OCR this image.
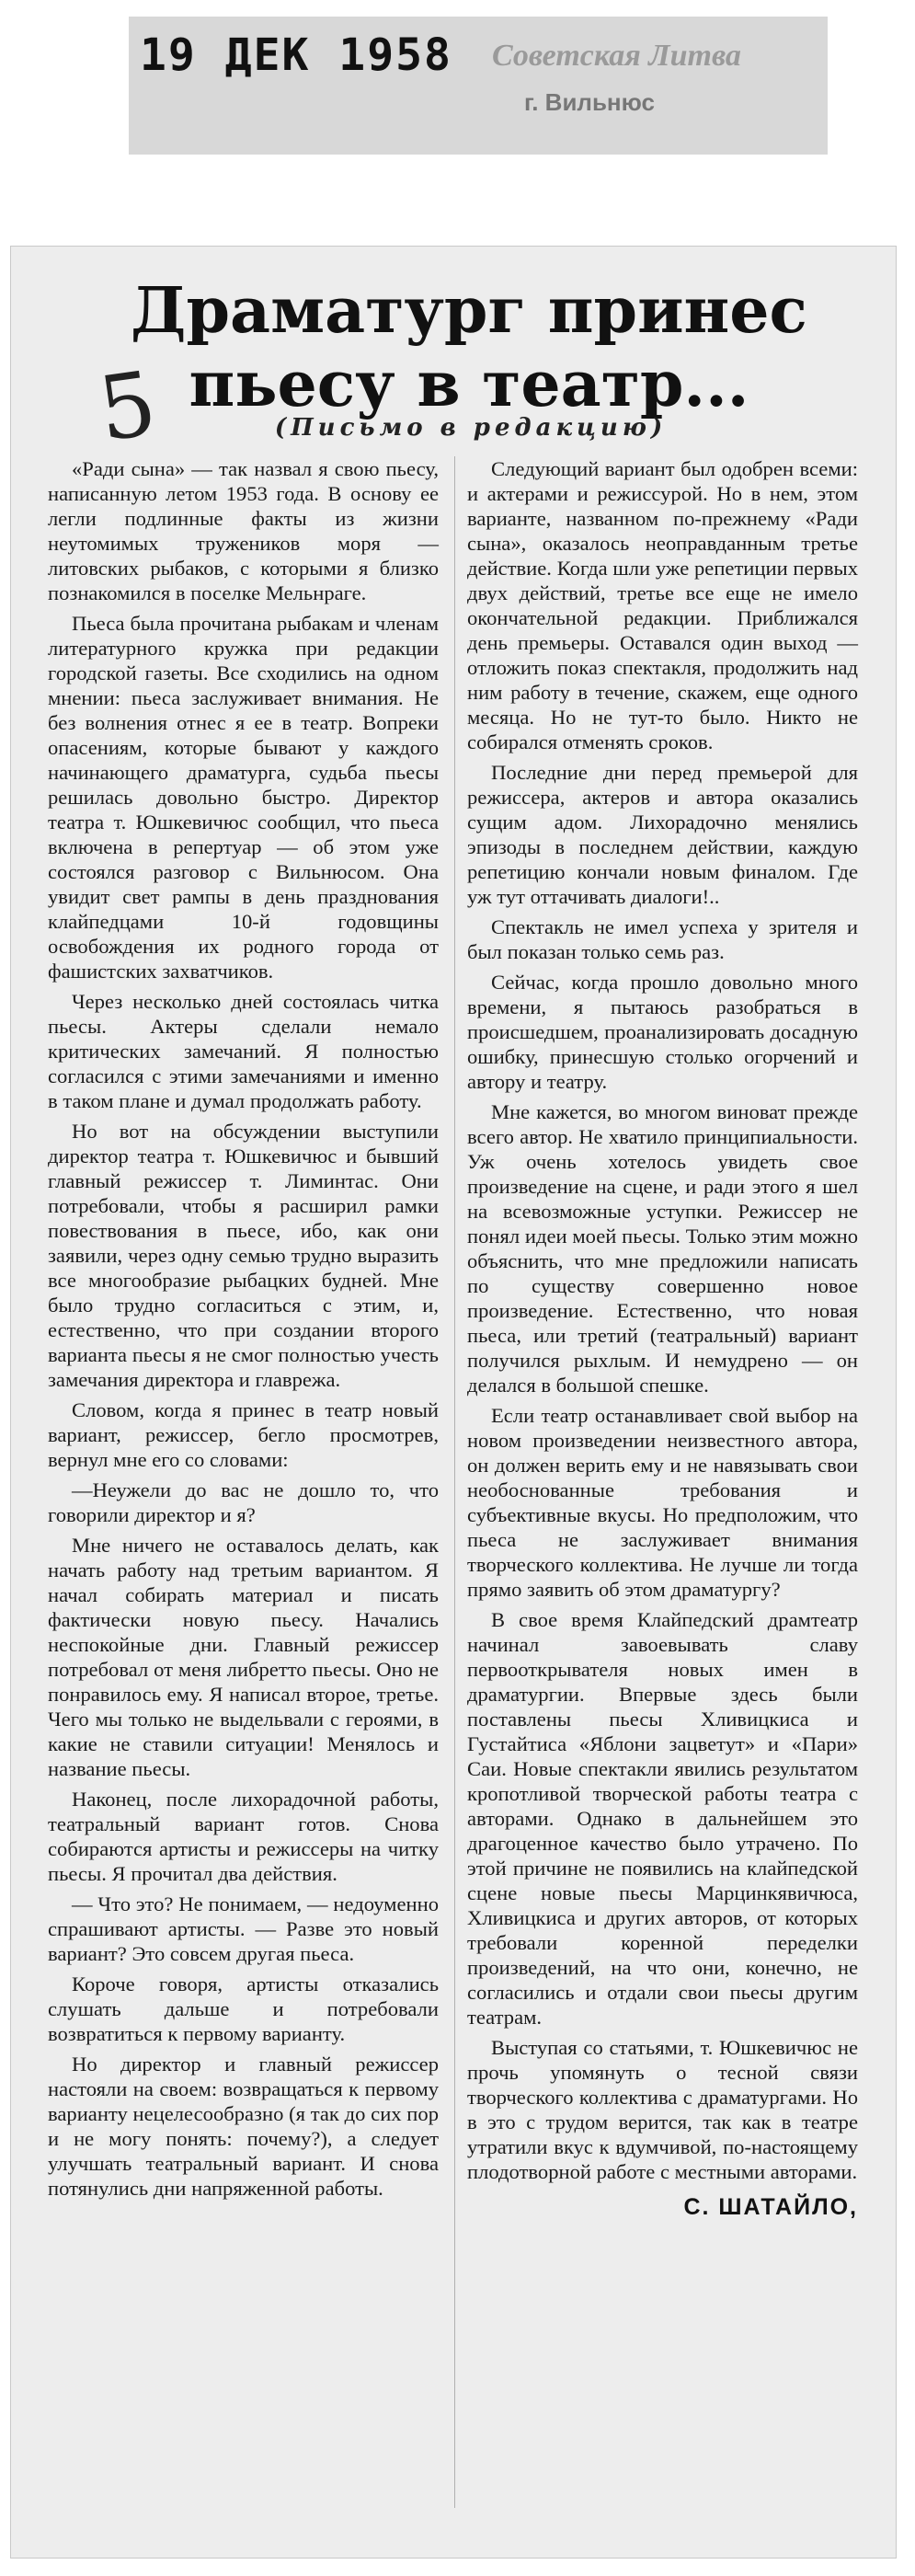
19 ДЕК 1958 Советская Литва
г. Вильнюс
Драматург принес пьесу в театр...
5	(Письмо в редакцию)

«Ради сына» — так назвал я свою пьесу, написанную летом 1953 года. В основу ее легли подлинные факты из жизни неутомимых тружеников моря — литовских рыбаков, с которыми я близко познакомился в поселке Мельнраге.

Пьеса была прочитана рыбакам и членам литературного кружка при редакции городской газеты. Все сходились на одном мнении: пьеса заслуживает внимания. Не без волнения отнес я ее в театр. Вопреки опасениям, которые бывают у каждого начинающего драматурга, судьба пьесы решилась довольно быстро. Директор театра т. Юшкевичюс сообщил, что пьеса включена в репертуар — об этом уже состоялся разговор с Вильнюсом. Она увидит свет рампы в день празднования клайпедцами 10-й годовщины освобождения их родного города от фашистских захватчиков.

Через несколько дней состоялась читка пьесы. Актеры сделали немало критических замечаний. Я полностью согласился с этими замечаниями и именно в таком плане и думал продолжать работу.

Но вот на обсуждении выступили директор театра т. Юшкевичюс и бывший главный режиссер т. Лиминтас. Они потребовали, чтобы я расширил рамки повествования в пьесе, ибо, как они заявили, через одну семью трудно выразить все многообразие рыбацких будней. Мне было трудно согласиться с этим, и, естественно, что при создании второго варианта пьесы я не смог полностью учесть замечания директора и главрежа.

Словом, когда я принес в театр новый вариант, режиссер, бегло просмотрев, вернул мне его со словами:

—Неужели до вас не дошло то, что говорили директор и я?

Мне ничего не оставалось делать, как начать работу над третьим вариантом. Я начал собирать материал и писать фактически новую пьесу. Начались неспокойные дни. Главный режиссер потребовал от меня либретто пьесы. Оно не понравилось ему. Я написал второе, третье. Чего мы только не выдельвали с героями, в какие не ставили ситуации! Менялось и название пьесы.

Наконец, после лихорадочной работы, театральный вариант готов. Снова собираются артисты и режиссеры на читку пьесы. Я прочитал два действия.

— Что это? Не понимаем, — недоуменно спрашивают артисты. — Разве это новый вариант? Это совсем другая пьеса.

Короче говоря, артисты отказались слушать дальше и потребовали возвратиться к первому варианту.

Но директор и главный режиссер настояли на своем: возвращаться к первому варианту нецелесообразно (я так до сих пор и не могу понять: почему?), а следует улучшать театральный вариант. И снова потянулись дни напряженной работы.

Следующий вариант был одобрен всеми: и актерами и режиссурой. Но в нем, этом варианте, названном по-прежнему «Ради сына», оказалось неоправданным третье действие. Когда шли уже репетиции первых двух действий, третье все еще не имело окончательной редакции. Приближался день премьеры. Оставался один выход — отложить показ спектакля, продолжить над ним работу в течение, скажем, еще одного месяца. Но не тут-то было. Никто не собирался отменять сроков.

Последние дни перед премьерой для режиссера, актеров и автора оказались сущим адом. Лихорадочно менялись эпизоды в последнем действии, каждую репетицию кончали новым финалом. Где уж тут оттачивать диалоги!..

Спектакль не имел успеха у зрителя и был показан только семь раз.

Сейчас, когда прошло довольно много времени, я пытаюсь разобраться в происшедшем, проанализировать досадную ошибку, принесшую столько огорчений и автору и театру.

Мне кажется, во многом виноват прежде всего автор. Не хватило принципиальности. Уж очень хотелось увидеть свое произведение на сцене, и ради этого я шел на всевозможные уступки. Режиссер не понял идеи моей пьесы. Только этим можно объяснить, что мне предложили написать по существу совершенно новое произведение. Естественно, что новая пьеса, или третий (театральный) вариант получился рыхлым. И немудрено — он делался в большой спешке.

Если театр останавливает свой выбор на новом произведении неизвестного автора, он должен верить ему и не навязывать свои необоснованные требования и субъективные вкусы. Но предположим, что пьеса не заслуживает внимания творческого коллектива. Не лучше ли тогда прямо заявить об этом драматургу?

В свое время Клайпедский драмтеатр начинал завоевывать славу первооткрывателя новых имен в драматургии. Впервые здесь были поставлены пьесы Хливицкиса и Густайтиса «Яблони зацветут» и «Пари» Саи. Новые спектакли явились результатом кропотливой творческой работы театра с авторами. Однако в дальнейшем это драгоценное качество было утрачено. По этой причине не появились на клайпедской сцене новые пьесы Марцинкявичюса, Хливицкиса и других авторов, от которых требовали коренной переделки произведений, на что они, конечно, не согласились и отдали свои пьесы другим театрам.

Выступая со статьями, т. Юшкевичюс не прочь упомянуть о тесной связи творческого коллектива с драматургами. Но в это с трудом верится, так как в театре утратили вкус к вдумчивой, по-настоящему плодотворной работе с местными авторами.

С. ШАТАЙЛО,
